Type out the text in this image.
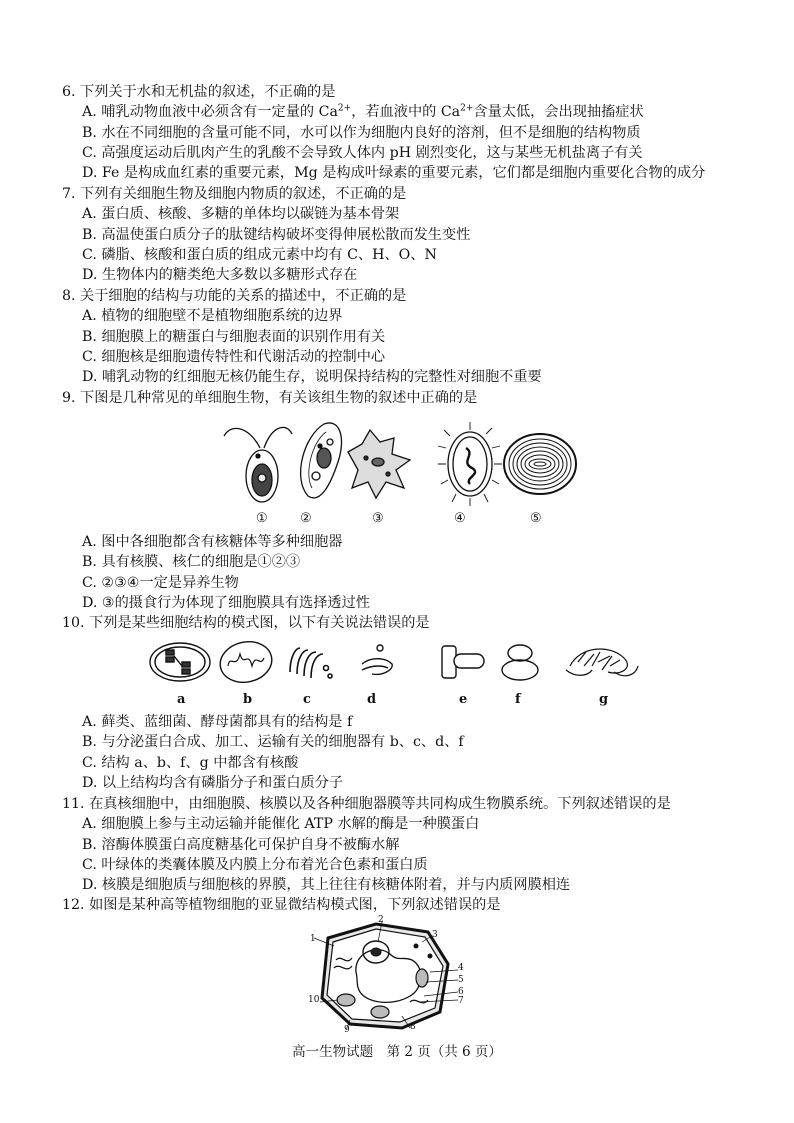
6. 下列关于水和无机盐的叙述，不正确的是
A. 哺乳动物血液中必须含有一定量的 $Ca^{2+}$，若血液中的 $Ca^{2+}$含量太低，会出现抽搐症状
B. 水在不同细胞的含量可能不同，水可以作为细胞内良好的溶剂，但不是细胞的结构物质
C. 高强度运动后肌肉产生的乳酸不会导致人体内 pH 剧烈变化，这与某些无机盐离子有关
D. Fe 是构成血红素的重要元素，Mg 是构成叶绿素的重要元素，它们都是细胞内重要化合物的成分
7. 下列有关细胞生物及细胞内物质的叙述，不正确的是
A. 蛋白质、核酸、多糖的单体均以碳链为基本骨架
B. 高温使蛋白质分子的肽键结构破坏变得伸展松散而发生变性
C. 磷脂、核酸和蛋白质的组成元素中均有 C、H、O、N
D. 生物体内的糖类绝大多数以多糖形式存在
8. 关于细胞的结构与功能的关系的描述中，不正确的是
A. 植物的细胞壁不是植物细胞系统的边界
B. 细胞膜上的糖蛋白与细胞表面的识别作用有关
C. 细胞核是细胞遗传特性和代谢活动的控制中心
D. 哺乳动物的红细胞无核仍能生存，说明保持结构的完整性对细胞不重要
9. 下图是几种常见的单细胞生物，有关该组生物的叙述中正确的是
① ②	③	④	⑤
A. 图中各细胞都含有核糖体等多种细胞器
B. 具有核膜、核仁的细胞是①②③
C. ②③④一定是异养生物
D. ③的摄食行为体现了细胞膜具有选择透过性
10. 下列是某些细胞结构的模式图，以下有关说法错误的是
a	b	c	d	e	f	g
A. 藓类、蓝细菌、酵母菌都具有的结构是 f
B. 与分泌蛋白合成、加工、运输有关的细胞器有 b、c、d、f
C. 结构 a、b、f、g 中都含有核酸
D. 以上结构均含有磷脂分子和蛋白质分子
11. 在真核细胞中，由细胞膜、核膜以及各种细胞器膜等共同构成生物膜系统。下列叙述错误的是
A. 细胞膜上参与主动运输并能催化 ATP 水解的酶是一种膜蛋白
B. 溶酶体膜蛋白高度糖基化可保护自身不被酶水解
C. 叶绿体的类囊体膜及内膜上分布着光合色素和蛋白质
D. 核膜是细胞质与细胞核的界膜，其上往往有核糖体附着，并与内质网膜相连
12. 如图是某种高等植物细胞的亚显微结构模式图，下列叙述错误的是
1
2
3
4
5
6
7
8
9
10
高一生物试题　第 2 页（共 6 页）
